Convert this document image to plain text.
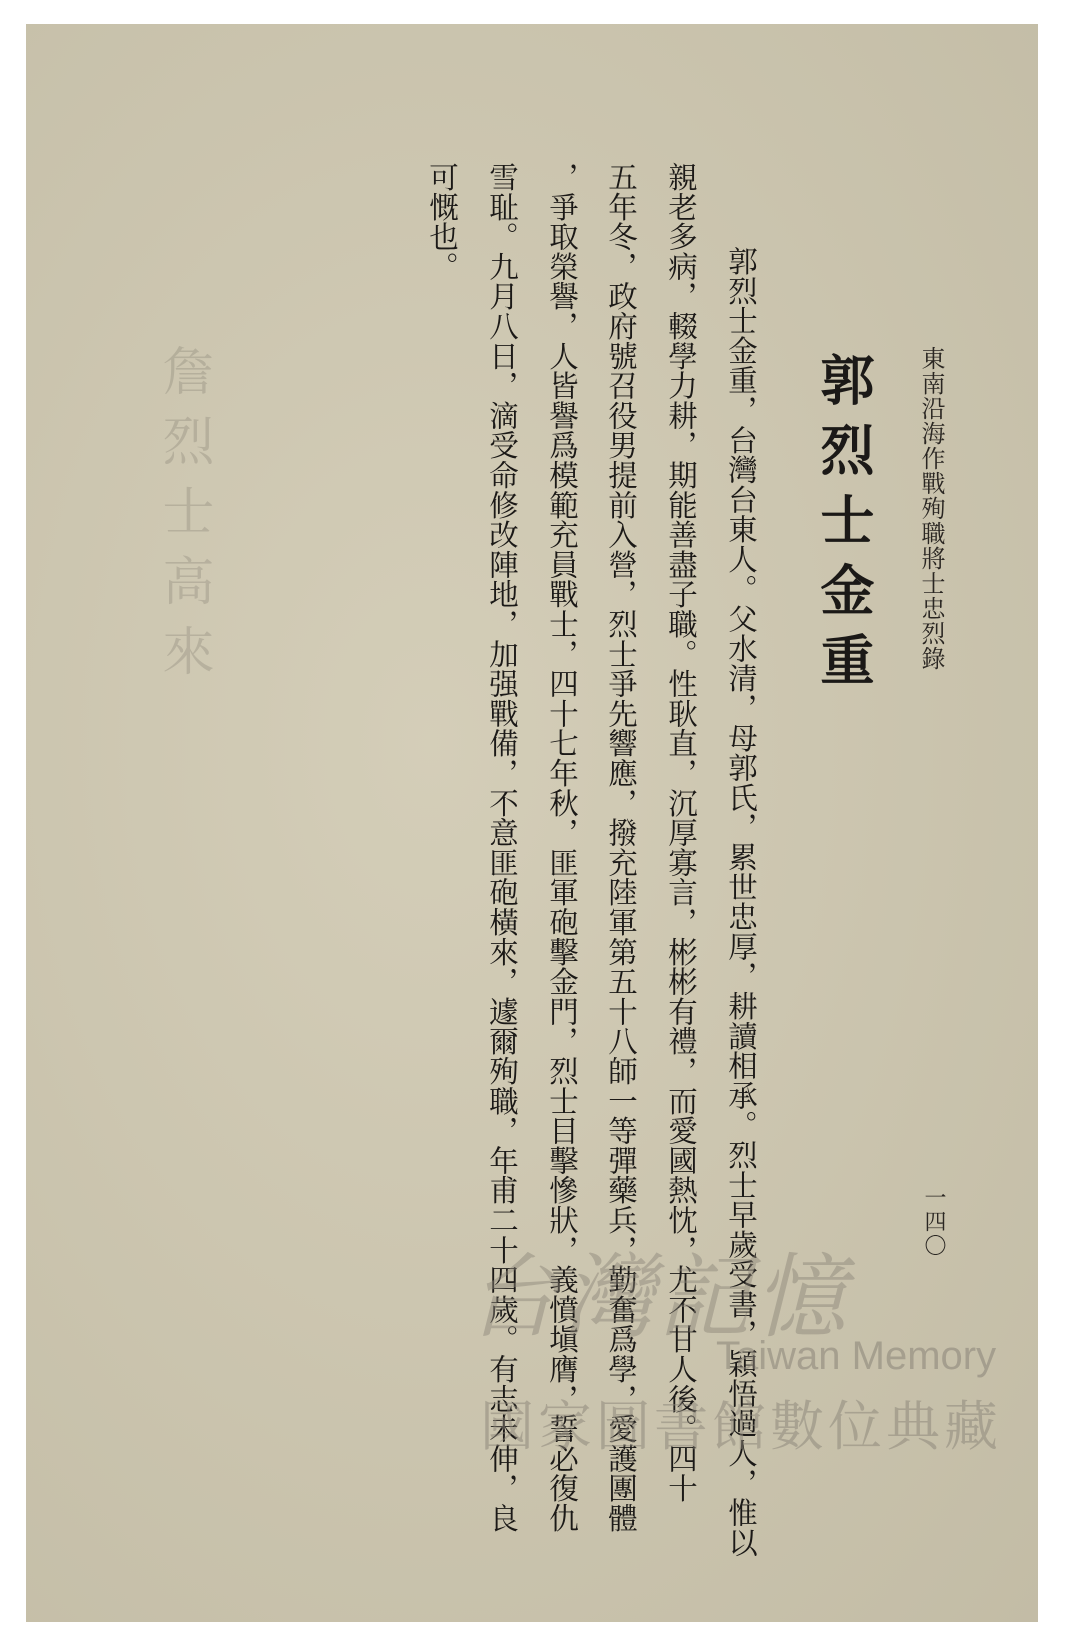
詹烈士高來	東南沿海作戰殉職將士忠烈錄
一四〇
郭烈士金重
郭烈士金重，台灣台東人。父水清，母郭氏，累世忠厚，耕讀相承。烈士早歲受書，穎悟過人，惟以
親老多病，輟學力耕，期能善盡子職。性耿直，沉厚寡言，彬彬有禮，而愛國熱忱，尤不甘人後。四十
五年冬，政府號召役男提前入營，烈士爭先響應，撥充陸軍第五十八師一等彈藥兵，勤奮爲學，愛護團體
，爭取榮譽，人皆譽爲模範充員戰士，四十七年秋，匪軍砲擊金門，烈士目擊慘狀，義憤塡膺，誓必復仇
雪耻。九月八日，滴受命修改陣地，加强戰備，不意匪砲橫來，遽爾殉職，年甫二十四歲。有志未伸，良
可慨也。
台灣記憶
Taiwan Memory
國家圖書館數位典藏
